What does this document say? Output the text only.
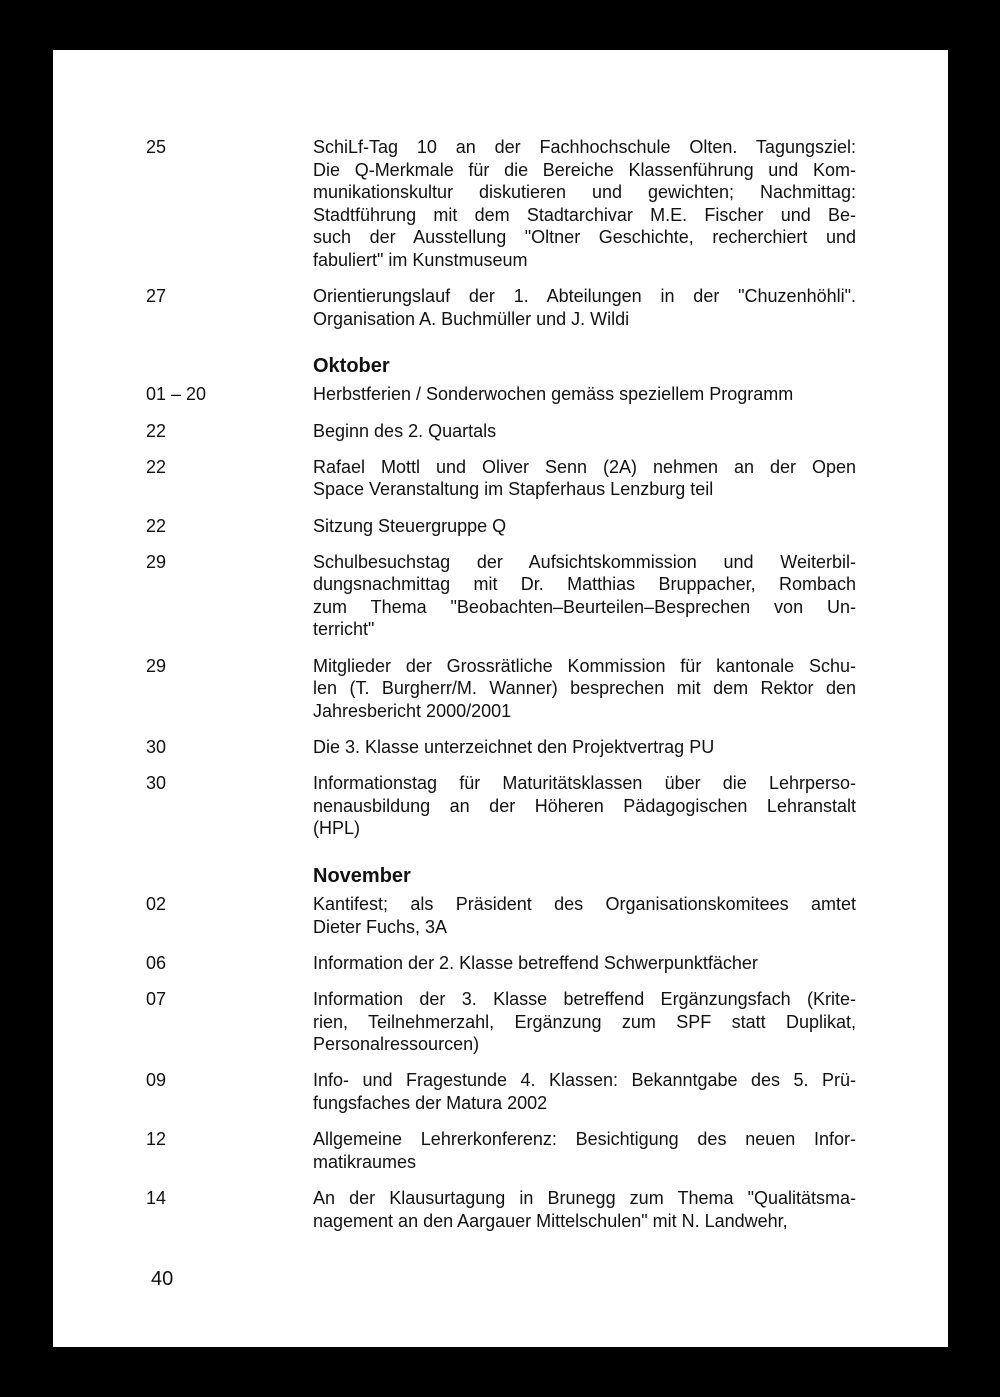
25	SchiLf-Tag 10 an der Fachhochschule Olten. Tagungsziel:
Die Q-Merkmale für die Bereiche Klassenführung und Kom-
munikationskultur diskutieren und gewichten; Nachmittag:
Stadtführung mit dem Stadtarchivar M.E. Fischer und Be-
such der Ausstellung "Oltner Geschichte, recherchiert und
fabuliert" im Kunstmuseum
27	Orientierungslauf der 1. Abteilungen in der "Chuzenhöhli".
Organisation A. Buchmüller und J. Wildi
Oktober
01 – 20	Herbstferien / Sonderwochen gemäss speziellem Programm
22	Beginn des 2. Quartals
22	Rafael Mottl und Oliver Senn (2A) nehmen an der Open
Space Veranstaltung im Stapferhaus Lenzburg teil
22	Sitzung Steuergruppe Q
29	Schulbesuchstag der Aufsichtskommission und Weiterbil-
dungsnachmittag mit Dr. Matthias Bruppacher, Rombach
zum Thema "Beobachten–Beurteilen–Besprechen von Un-
terricht"
29	Mitglieder der Grossrätliche Kommission für kantonale Schu-
len (T. Burgherr/M. Wanner) besprechen mit dem Rektor den
Jahresbericht 2000/2001
30	Die 3. Klasse unterzeichnet den Projektvertrag PU
30	Informationstag für Maturitätsklassen über die Lehrperso-
nenausbildung an der Höheren Pädagogischen Lehranstalt
(HPL)
November
02	Kantifest; als Präsident des Organisationskomitees amtet
Dieter Fuchs, 3A
06	Information der 2. Klasse betreffend Schwerpunktfächer
07	Information der 3. Klasse betreffend Ergänzungsfach (Krite-
rien, Teilnehmerzahl, Ergänzung zum SPF statt Duplikat,
Personalressourcen)
09	Info- und Fragestunde 4. Klassen: Bekanntgabe des 5. Prü-
fungsfaches der Matura 2002
12	Allgemeine Lehrerkonferenz: Besichtigung des neuen Infor-
matikraumes
14	An der Klausurtagung in Brunegg zum Thema "Qualitätsma-
nagement an den Aargauer Mittelschulen" mit N. Landwehr,
40
